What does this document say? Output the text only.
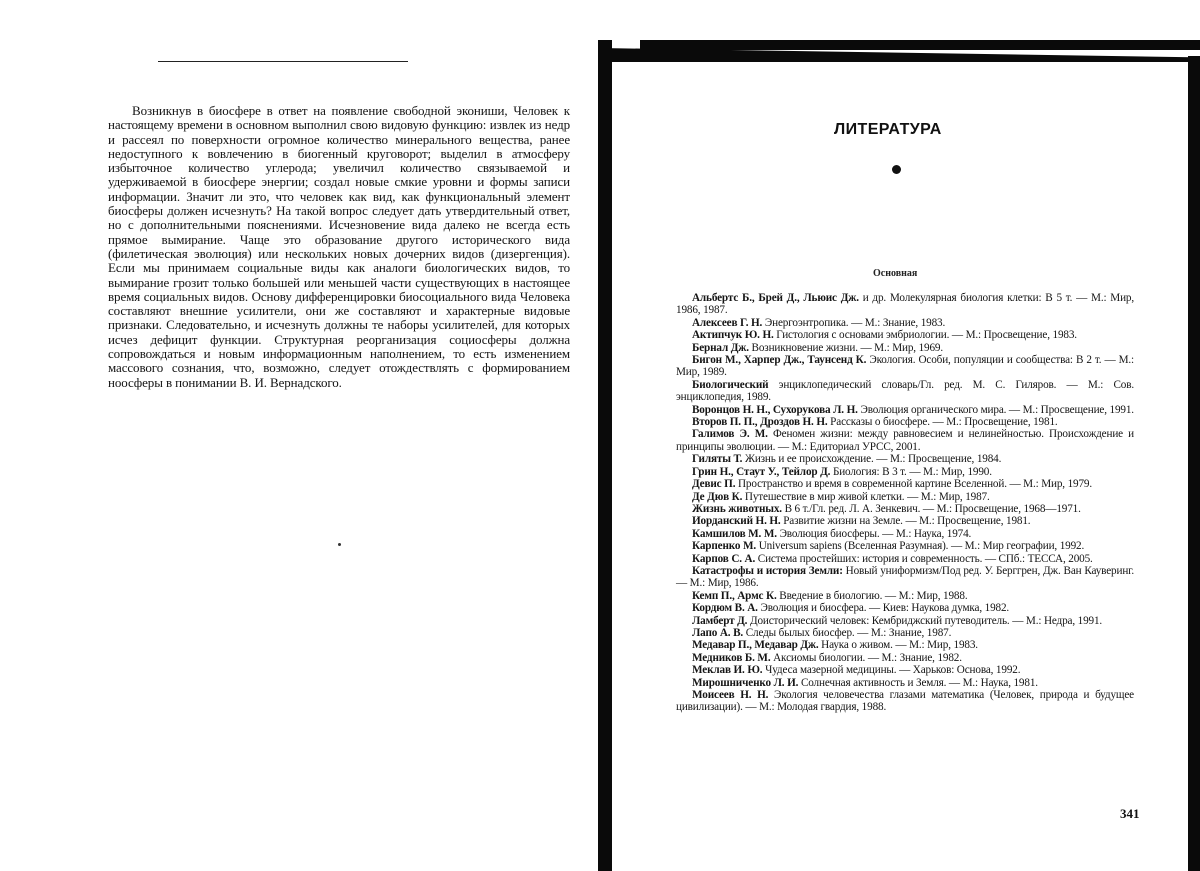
Возникнув в биосфере в ответ на появление свободной экониши, Человек к настоящему времени в основном выполнил свою видовую функцию: извлек из недр и рассеял по поверхности огромное количество минерального вещества, ранее недоступного к вовлечению в биогенный круговорот; выделил в атмосферу избыточное количество углерода; увеличил количество связываемой и удерживаемой в биосфере энергии; создал новые смкие уровни и формы записи информации. Значит ли это, что человек как вид, как функциональный элемент биосферы должен исчезнуть? На такой вопрос следует дать утвердительный ответ, но с дополнительными пояснениями. Исчезновение вида далеко не всегда есть прямое вымирание. Чаще это образование другого исторического вида (филетическая эволюция) или нескольких новых дочерних видов (дизергенция). Если мы принимаем социальные виды как аналоги биологических видов, то вымирание грозит только большей или меньшей части существующих в настоящее время социальных видов. Основу дифференцировки биосоциального вида Человека составляют внешние усилители, они же составляют и характерные видовые признаки. Следовательно, и исчезнуть должны те наборы усилителей, для которых исчез дефицит функции. Структурная реорганизация социосферы должна сопровождаться и новым информационным наполнением, то есть изменением массового сознания, что, возможно, следует отождествлять с формированием ноосферы в понимании В. И. Вернадского.

ЛИТЕРАТУРА
Основная
Альбертс Б., Брей Д., Льюис Дж. и др. Молекулярная биология клетки: В 5 т. — М.: Мир, 1986, 1987.
Алексеев Г. Н. Энергоэнтропика. — М.: Знание, 1983.
Актипчук Ю. Н. Гистология с основами эмбриологии. — М.: Просвещение, 1983.
Бернал Дж. Возникновение жизни. — М.: Мир, 1969.
Бигон М., Харпер Дж., Таунсенд К. Экология. Особи, популяции и сообщества: В 2 т. — М.: Мир, 1989.
Биологический энциклопедический словарь/Гл. ред. М. С. Гиляров. — М.: Сов. энциклопедия, 1989.
Воронцов Н. Н., Сухорукова Л. Н. Эволюция органического мира. — М.: Просвещение, 1991.
Второв П. П., Дроздов Н. Н. Рассказы о биосфере. — М.: Просвещение, 1981.
Галимов Э. М. Феномен жизни: между равновесием и нелинейностью. Происхождение и принципы эволюции. — М.: Едиториал УРСС, 2001.
Гиляты Т. Жизнь и ее происхождение. — М.: Просвещение, 1984.
Грин Н., Стаут У., Тейлор Д. Биология: В 3 т. — М.: Мир, 1990.
Девис П. Пространство и время в современной картине Вселенной. — М.: Мир, 1979.
Де Дюв К. Путешествие в мир живой клетки. — М.: Мир, 1987.
Жизнь животных. В 6 т./Гл. ред. Л. А. Зенкевич. — М.: Просвещение, 1968—1971.
Иорданский Н. Н. Развитие жизни на Земле. — М.: Просвещение, 1981.
Камшилов М. М. Эволюция биосферы. — М.: Наука, 1974.
Карпенко М. Universum sapiens (Вселенная Разумная). — М.: Мир географии, 1992.
Карпов С. А. Система простейших: история и современность. — СПб.: ТЕССА, 2005.
Катастрофы и история Земли: Новый униформизм/Под ред. У. Берггрен, Дж. Ван Кауверинг. — М.: Мир, 1986.
Кемп П., Армс К. Введение в биологию. — М.: Мир, 1988.
Кордюм В. А. Эволюция и биосфера. — Киев: Наукова думка, 1982.
Ламберт Д. Доисторический человек: Кембриджский путеводитель. — М.: Недра, 1991.
Лапо А. В. Следы былых биосфер. — М.: Знание, 1987.
Медавар П., Медавар Дж. Наука о живом. — М.: Мир, 1983.
Медников Б. М. Аксиомы биологии. — М.: Знание, 1982.
Меклав И. Ю. Чудеса мазерной медицины. — Харьков: Основа, 1992.
Мирошниченко Л. И. Солнечная активность и Земля. — М.: Наука, 1981.
Моисеев Н. Н. Экология человечества глазами математика (Человек, природа и будущее цивилизации). — М.: Молодая гвардия, 1988.

341
